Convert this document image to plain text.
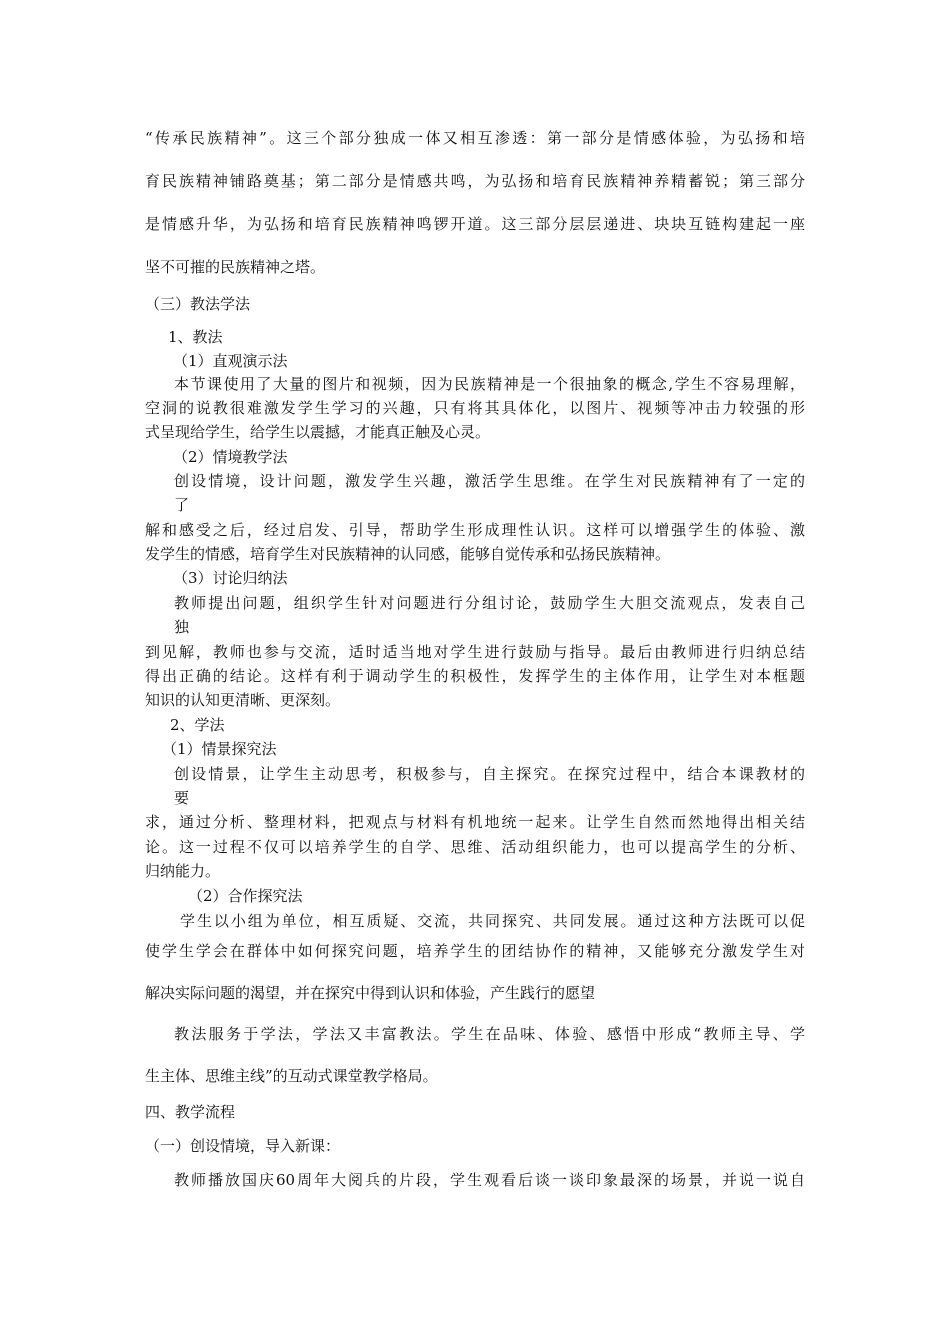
“传承民族精神”。这三个部分独成一体又相互渗透：第一部分是情感体验，为弘扬和培
育民族精神铺路奠基；第二部分是情感共鸣，为弘扬和培育民族精神养精蓄锐；第三部分
是情感升华，为弘扬和培育民族精神鸣锣开道。这三部分层层递进、块块互链构建起一座
坚不可摧的民族精神之塔。
（三）教法学法
1、教法
（1）直观演示法
本节课使用了大量的图片和视频，因为民族精神是一个很抽象的概念,学生不容易理解，
空洞的说教很难激发学生学习的兴趣，只有将其具体化，以图片、视频等冲击力较强的形
式呈现给学生，给学生以震撼，才能真正触及心灵。
（2）情境教学法
创设情境，设计问题，激发学生兴趣，激活学生思维。在学生对民族精神有了一定的
了
解和感受之后，经过启发、引导，帮助学生形成理性认识。这样可以增强学生的体验、激
发学生的情感，培育学生对民族精神的认同感，能够自觉传承和弘扬民族精神。
（3）讨论归纳法
教师提出问题，组织学生针对问题进行分组讨论，鼓励学生大胆交流观点，发表自己
独
到见解，教师也参与交流，适时适当地对学生进行鼓励与指导。最后由教师进行归纳总结
得出正确的结论。这样有利于调动学生的积极性，发挥学生的主体作用，让学生对本框题
知识的认知更清晰、更深刻。
2、学法
（1）情景探究法
创设情景，让学生主动思考，积极参与，自主探究。在探究过程中，结合本课教材的
要
求，通过分析、整理材料，把观点与材料有机地统一起来。让学生自然而然地得出相关结
论。这一过程不仅可以培养学生的自学、思维、活动组织能力，也可以提高学生的分析、
归纳能力。
（2）合作探究法
学生以小组为单位，相互质疑、交流，共同探究、共同发展。通过这种方法既可以促
使学生学会在群体中如何探究问题，培养学生的团结协作的精神，又能够充分激发学生对
解决实际问题的渴望，并在探究中得到认识和体验，产生践行的愿望
教法服务于学法，学法又丰富教法。学生在品味、体验、感悟中形成“教师主导、学
生主体、思维主线”的互动式课堂教学格局。
四、教学流程
（一）创设情境，导入新课：
教师播放国庆60周年大阅兵的片段，学生观看后谈一谈印象最深的场景，并说一说自
